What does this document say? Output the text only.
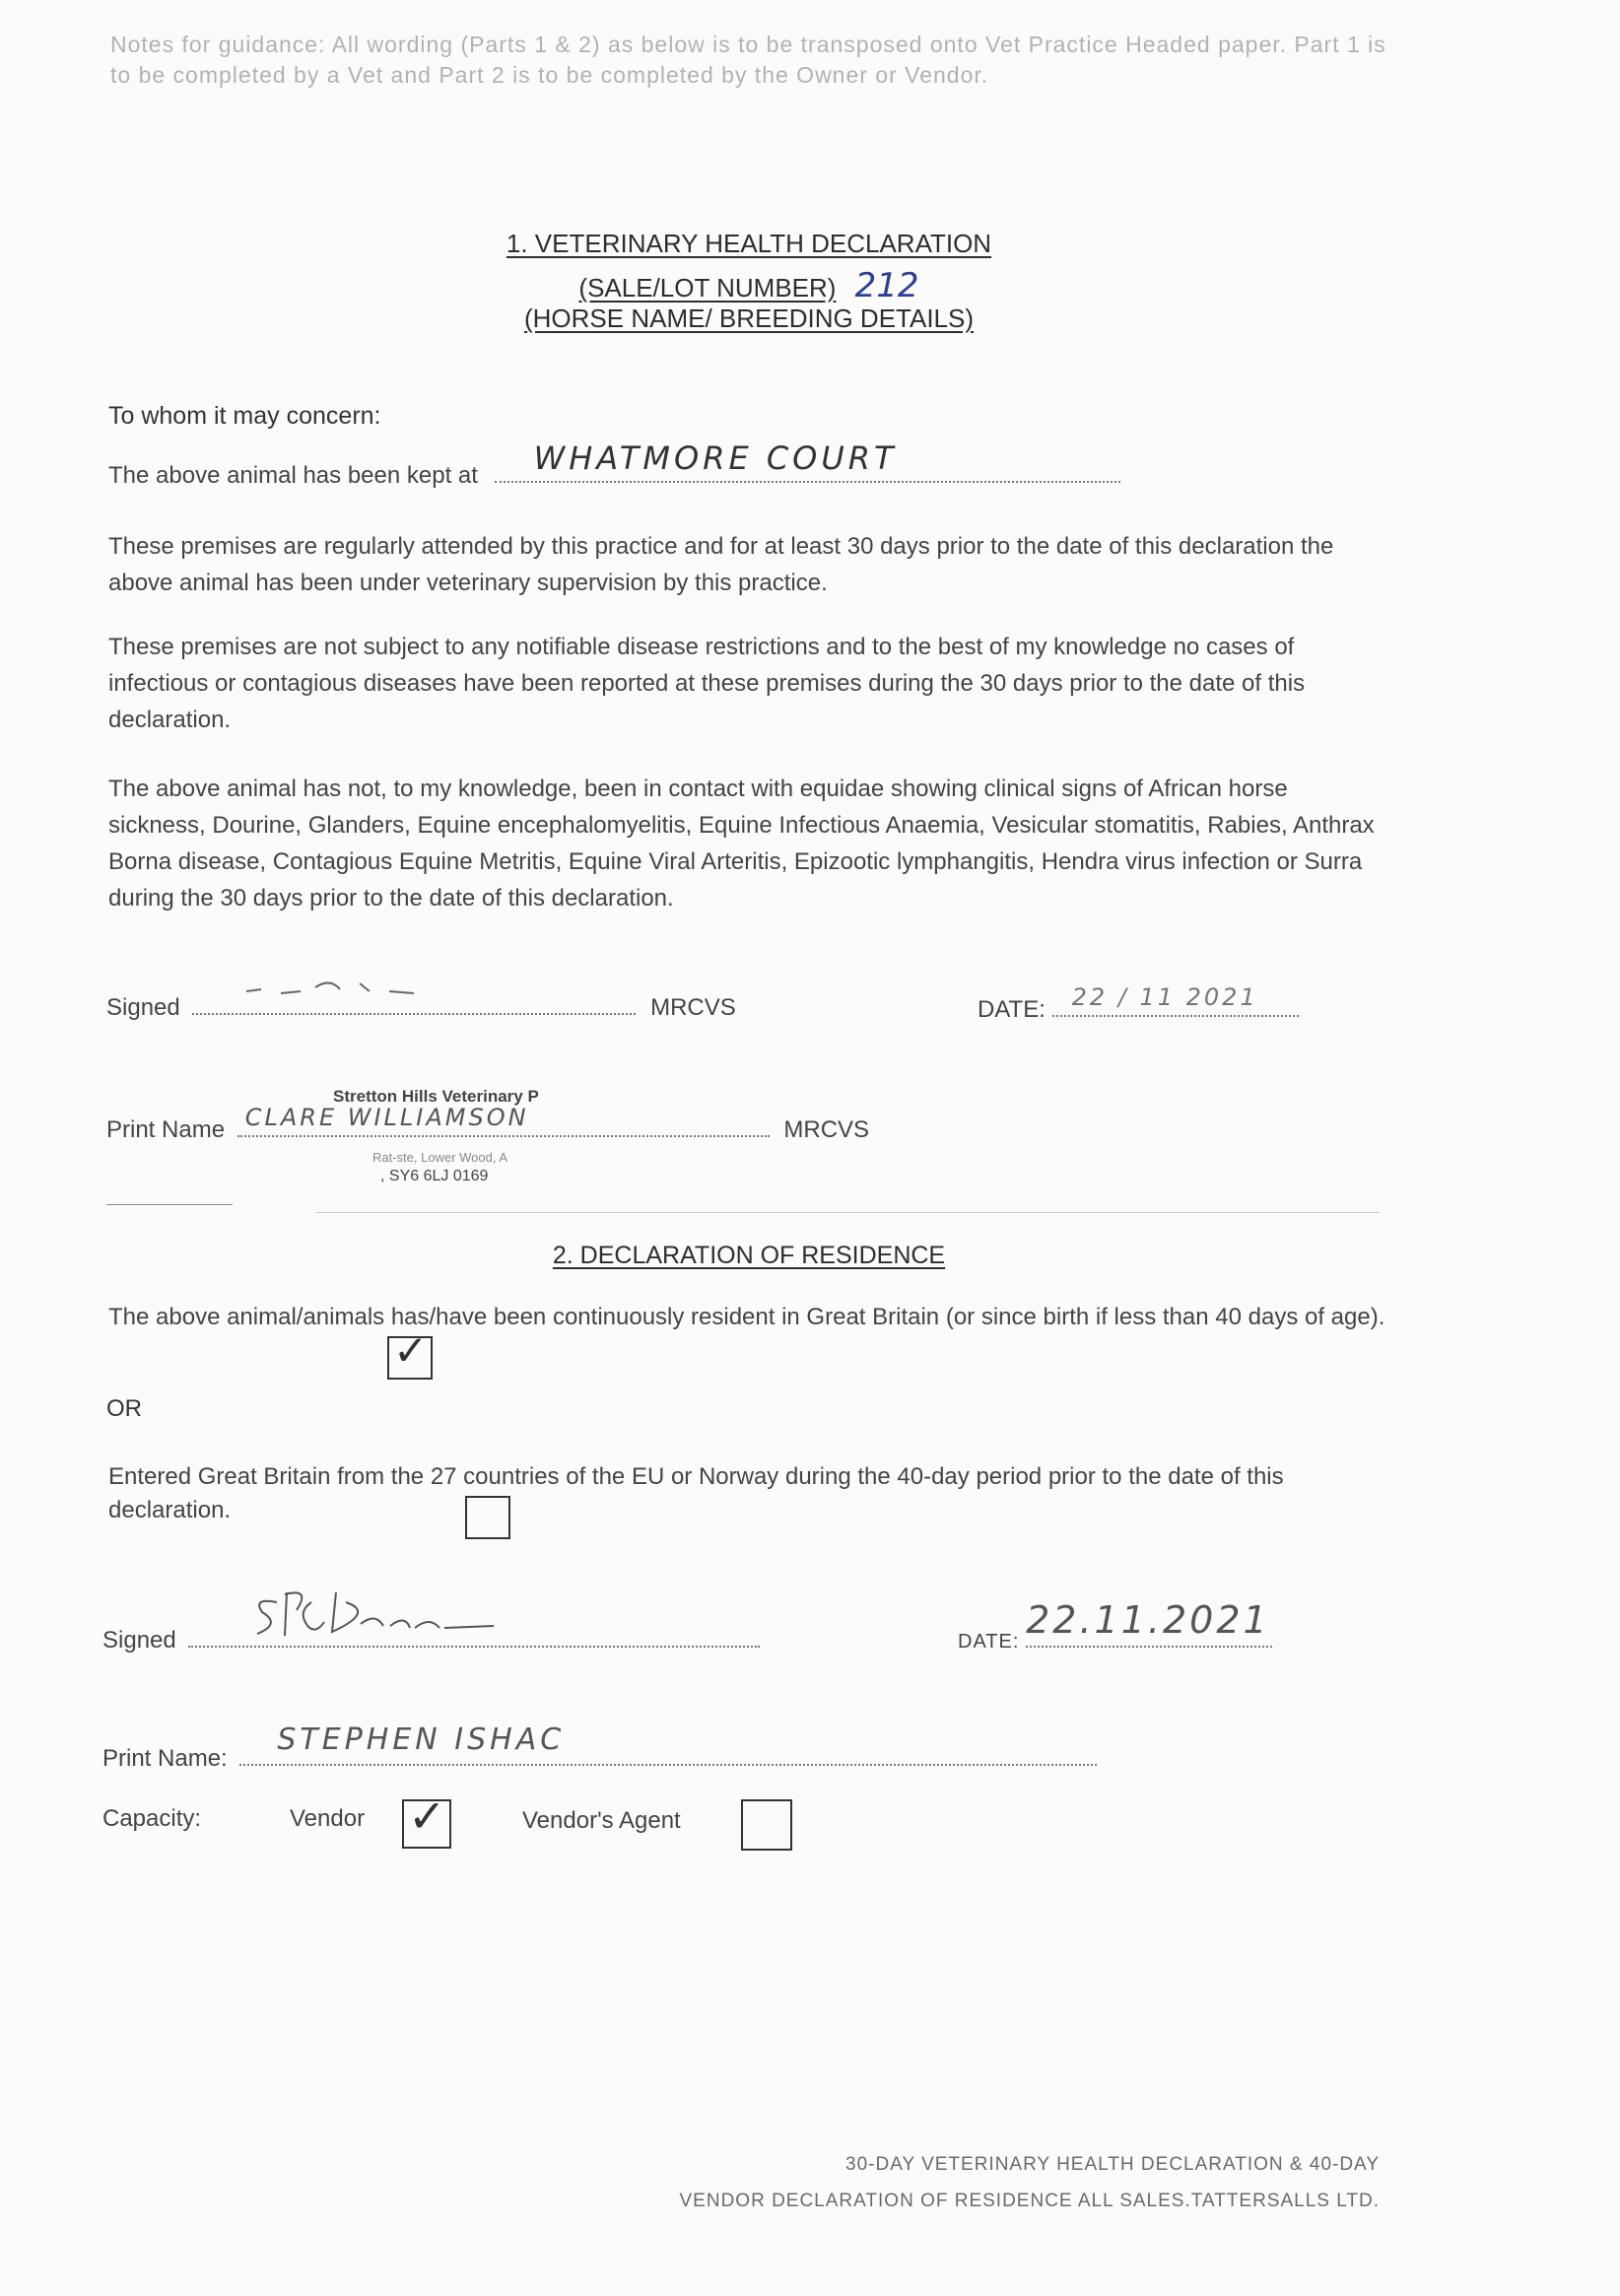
Notes for guidance: All wording (Parts 1 & 2) as below is to be transposed onto Vet Practice Headed paper. Part 1 is to be completed by a Vet and Part 2 is to be completed by the Owner or Vendor.
1. VETERINARY HEALTH DECLARATION
(SALE/LOT NUMBER) 212
(HORSE NAME/ BREEDING DETAILS)
To whom it may concern:
The above animal has been kept at WHATMORE COURT
These premises are regularly attended by this practice and for at least 30 days prior to the date of this declaration the above animal has been under veterinary supervision by this practice.
These premises are not subject to any notifiable disease restrictions and to the best of my knowledge no cases of infectious or contagious diseases have been reported at these premises during the 30 days prior to the date of this declaration.
The above animal has not, to my knowledge, been in contact with equidae showing clinical signs of African horse sickness, Dourine, Glanders, Equine encephalomyelitis, Equine Infectious Anaemia, Vesicular stomatitis, Rabies, Anthrax Borna disease, Contagious Equine Metritis, Equine Viral Arteritis, Epizootic lymphangitis, Hendra virus infection or Surra during the 30 days prior to the date of this declaration.
Signed	MRCVS	DATE: 22 / 11 2021
Stretton Hills Veterinary P
Print Name CLARE WILLIAMSON	MRCVS
Rat-ste, Lower Wood, A
, SY6 6LJ 0169
2. DECLARATION OF RESIDENCE
The above animal/animals has/have been continuously resident in Great Britain (or since birth if less than 40 days of age).
✓
OR
Entered Great Britain from the 27 countries of the EU or Norway during the 40-day period prior to the date of this declaration.
Signed	DATE: 22.11.2021
Print Name:
STEPHEN ISHAC
Capacity:	Vendor ✓	Vendor's Agent
30-DAY VETERINARY HEALTH DECLARATION & 40-DAY
VENDOR DECLARATION OF RESIDENCE ALL SALES.TATTERSALLS LTD.
